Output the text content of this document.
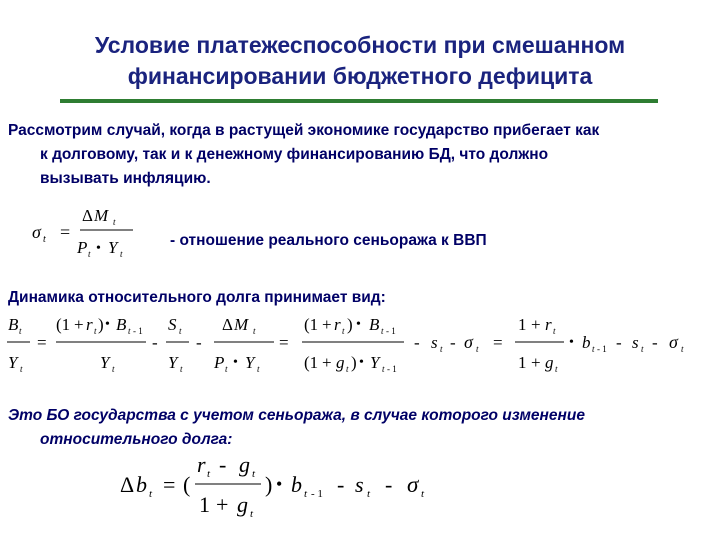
Условие платежеспособности при смешанном
финансировании бюджетного дефицита
Рассмотрим случай, когда в растущей экономике государство прибегает как
к долговому, так и к денежному финансированию БД, что должно
вызывать инфляцию.
σ t =
Δ M t
P t • Y t
- отношение реального сеньоража к ВВП
Динамика относительного долга принимает вид:
B t
Y t
=
(1 + r t ) • B t - 1
Y t
-
S t
Y t
-
Δ M t
P t • Y t
=
(1 + r t ) • B t - 1
(1 + g t ) • Y t - 1
- s t - σ t =
1 + r t
1 + g t
• b t - 1 - s t - σ t
Это БО государства с учетом сеньоража, в случае которого изменение
относительного долга:
Δ b t = (
r t - g t
1 + g t
) • b t - 1 - s t - σ t
